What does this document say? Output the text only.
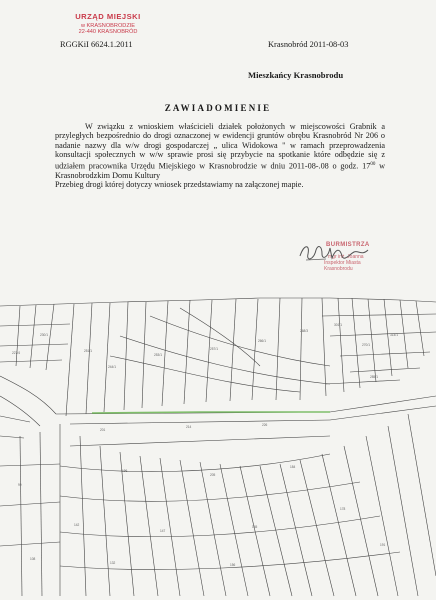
URZĄD MIEJSKI
w KRASNOBRODZIE
22-440 KRASNOBRÓD
RGGKiI 6624.1.2011	Krasnobród 2011-08-03
Mieszkańcy Krasnobrodu
ZAWIADOMIENIE

W związku z wnioskiem właścicieli działek położonych w miejscowości Grabnik a przyległych bezpośrednio do drogi oznaczonej w ewidencji gruntów obrębu Krasnobród Nr 206 o nadanie nazwy dla w/w drogi gospodarczej „ ulica Widokowa " w ramach przeprowadzenia konsultacji społecznych w w/w sprawie prosi się przybycie na spotkanie które odbędzie się z udziałem pracownika Urzędu Miejskiego w Krasnobrodzie w dniu 2011-08-.08 o godz. $17^{00}$ w Krasnobrodzkim Domu Kultury

Przebieg drogi której dotyczy wniosek przedstawiamy na załączonej mapie.

BURMISTRZA
mgr inż. Joanna
Inspektor Miasta Krasnobrodu
230/1
227/4	251/1
244/1
253/1
257/1
266/1
268/3
301/1
270/1
314/1
285/1
201
214	226
196
205
184
142
147
165
178
132	156
191
99
108
